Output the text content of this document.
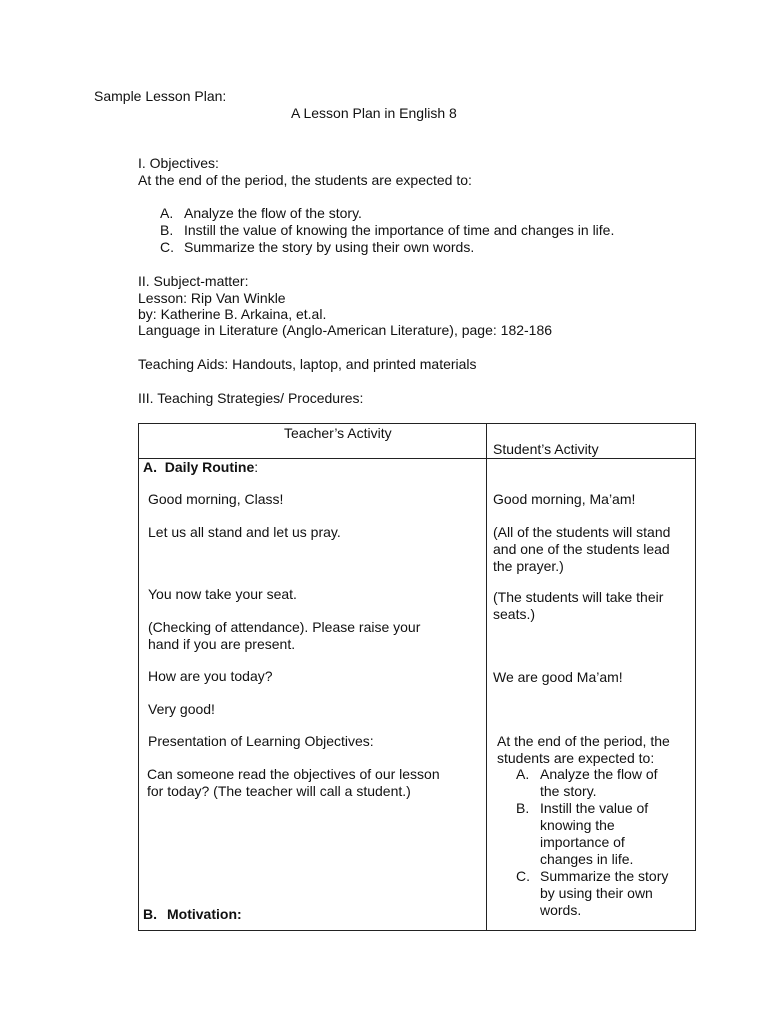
Sample Lesson Plan:
A Lesson Plan in English 8
I. Objectives:
At the end of the period, the students are expected to:
A. Analyze the flow of the story.
B. Instill the value of knowing the importance of time and changes in life.
C. Summarize the story by using their own words.
II. Subject-matter:
Lesson: Rip Van Winkle
by: Katherine B. Arkaina, et.al.
Language in Literature (Anglo-American Literature), page: 182-186
Teaching Aids: Handouts, laptop, and printed materials
III. Teaching Strategies/ Procedures:
Teacher’s Activity
Student’s Activity
A. Daily Routine:
Good morning, Class!
Let us all stand and let us pray.
You now take your seat.
(Checking of attendance). Please raise your
hand if you are present.
How are you today?
Very good!
Presentation of Learning Objectives:
Can someone read the objectives of our lesson
for today? (The teacher will call a student.)
Good morning, Ma’am!
(All of the students will stand
and one of the students lead
the prayer.)
(The students will take their
seats.)
We are good Ma’am!
At the end of the period, the
students are expected to:
A. Analyze the flow of
the story.
B. Instill the value of
knowing the
importance of
changes in life.
C. Summarize the story
by using their own
words.
B. Motivation:
